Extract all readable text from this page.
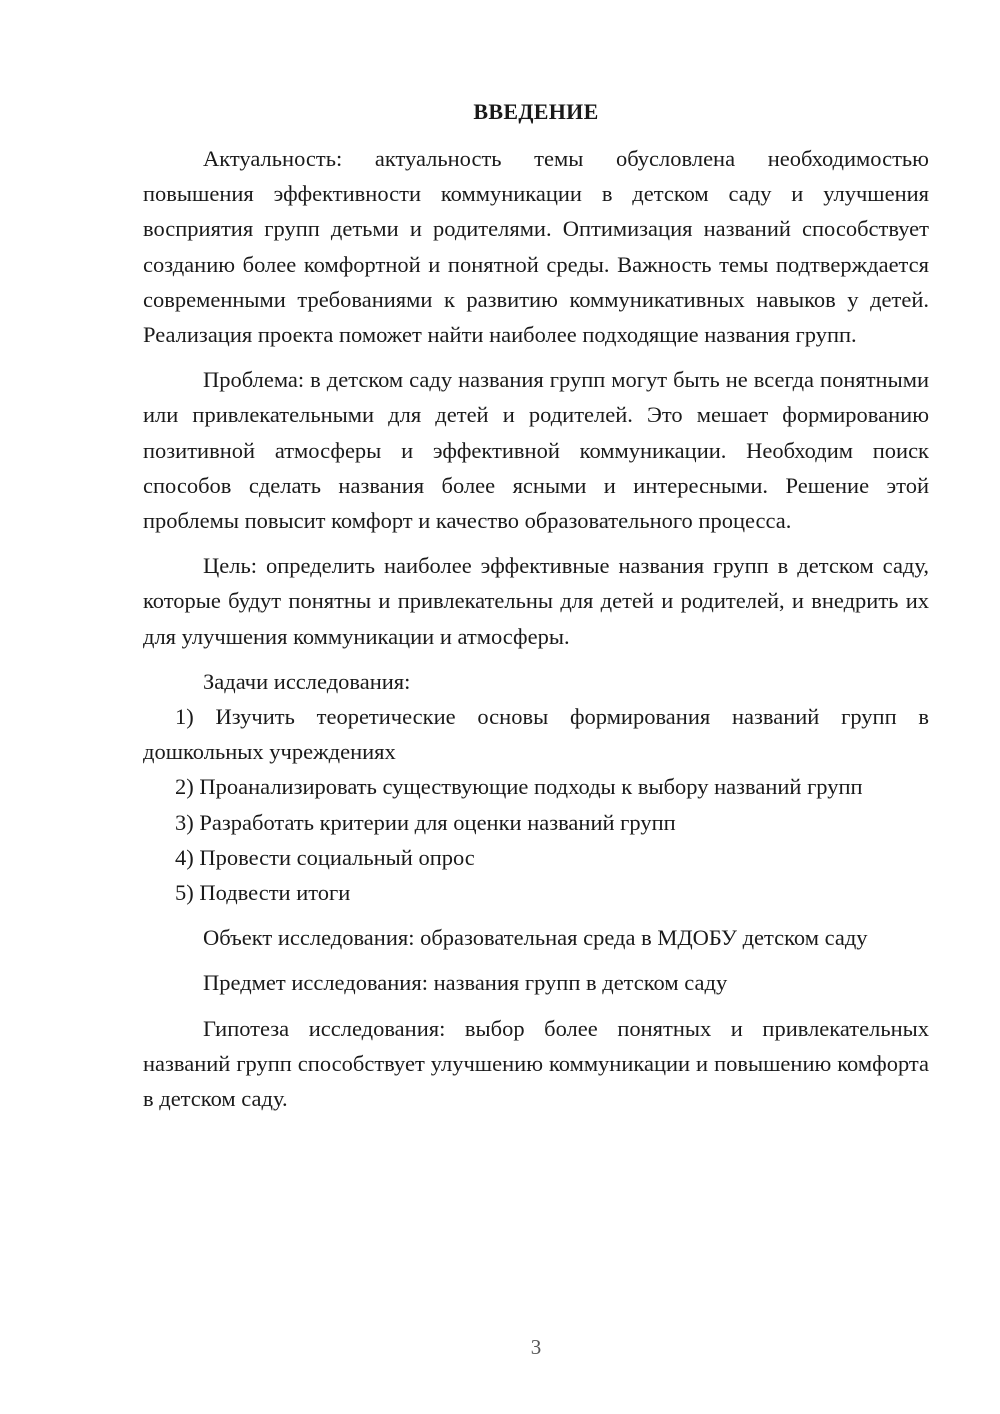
ВВЕДЕНИЕ

Актуальность: актуальность темы обусловлена необходимостью повышения эффективности коммуникации в детском саду и улучшения восприятия групп детьми и родителями. Оптимизация названий способствует созданию более комфортной и понятной среды. Важность темы подтверждается современными требованиями к развитию коммуникативных навыков у детей. Реализация проекта поможет найти наиболее подходящие названия групп.

Проблема: в детском саду названия групп могут быть не всегда понятными или привлекательными для детей и родителей. Это мешает формированию позитивной атмосферы и эффективной коммуникации. Необходим поиск способов сделать названия более ясными и интересными. Решение этой проблемы повысит комфорт и качество образовательного процесса.

Цель: определить наиболее эффективные названия групп в детском саду, которые будут понятны и привлекательны для детей и родителей, и внедрить их для улучшения коммуникации и атмосферы.

Задачи исследования:

1) Изучить теоретические основы формирования названий групп в дошкольных учреждениях

2) Проанализировать существующие подходы к выбору названий групп

3) Разработать критерии для оценки названий групп

4) Провести социальный опрос

5) Подвести итоги

Объект исследования: образовательная среда в МДОБУ детском саду

Предмет исследования: названия групп в детском саду

Гипотеза исследования: выбор более понятных и привлекательных названий групп способствует улучшению коммуникации и повышению комфорта в детском саду.

3
